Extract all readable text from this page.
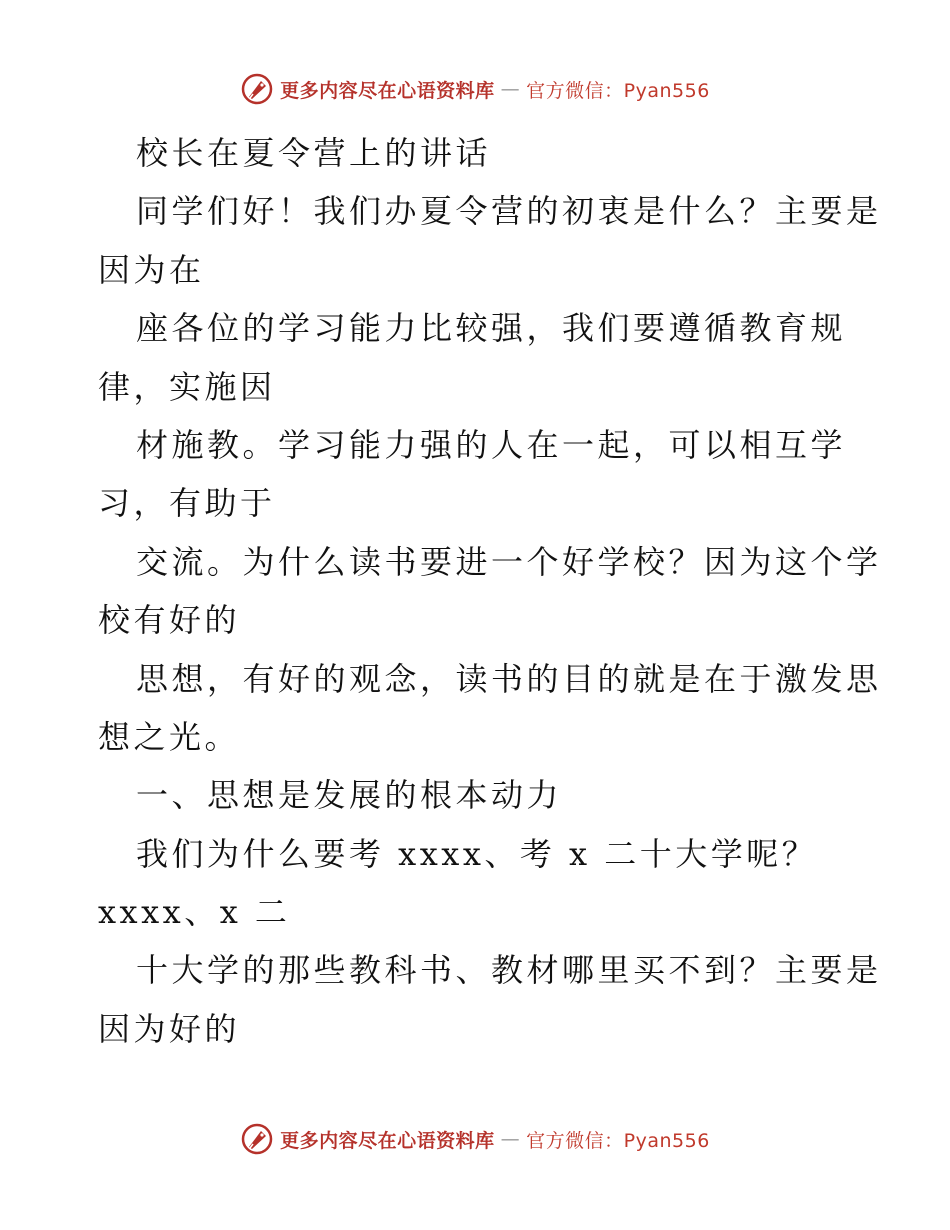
更多内容尽在心语资料库 — 官方微信：Pyan556
校长在夏令营上的讲话
同学们好！我们办夏令营的初衷是什么？主要是
因为在
座各位的学习能力比较强，我们要遵循教育规
律，实施因
材施教。学习能力强的人在一起，可以相互学
习，有助于
交流。为什么读书要进一个好学校？因为这个学
校有好的
思想，有好的观念，读书的目的就是在于激发思
想之光。
一、思想是发展的根本动力
我们为什么要考 xxxx、考 x 二十大学呢？
xxxx、x 二
十大学的那些教科书、教材哪里买不到？主要是
因为好的
更多内容尽在心语资料库 — 官方微信：Pyan556
